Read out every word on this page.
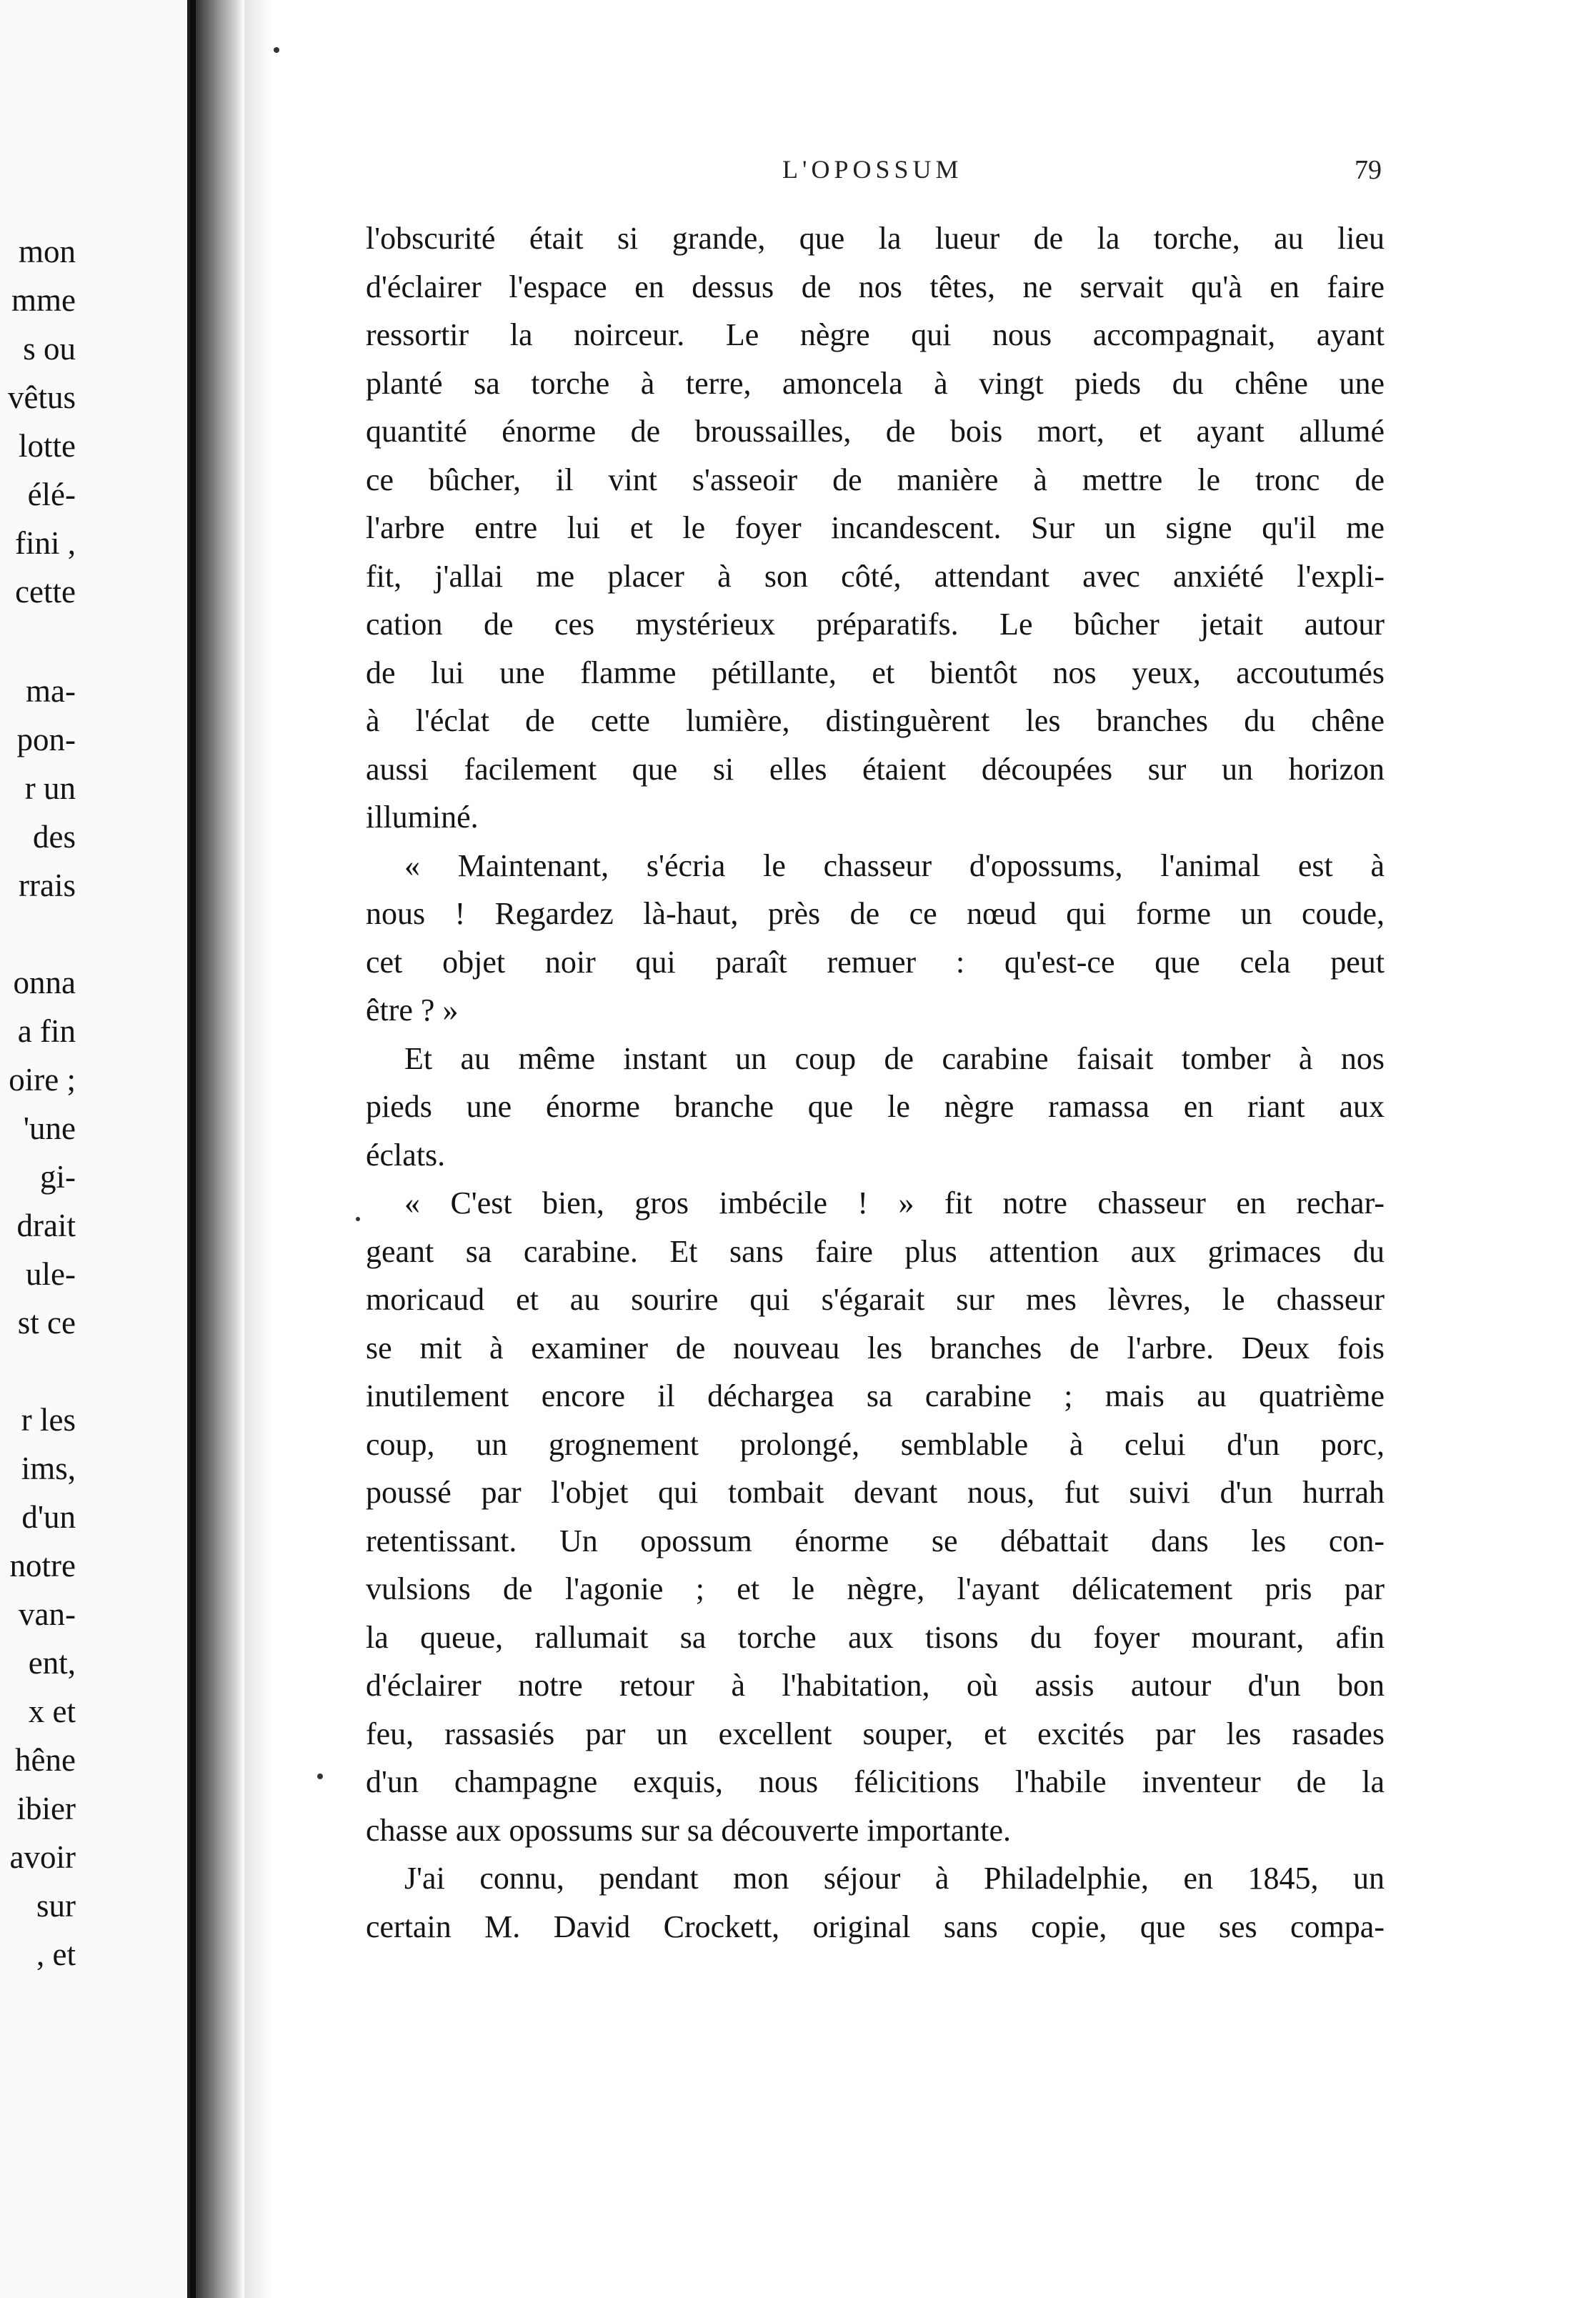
mon
mme
s ou
vêtus
lotte
élé-
fini ,
cette
ma-
pon-
r un
des
rrais
onna
a fin
oire ;
'une
gi-
drait
ule-
st ce
r les
ims,
d'un
notre
van-
ent,
x et
hêne
ibier
avoir
sur
, et
L'OPOSSUM	79
l'obscurité était si grande, que la lueur de la torche, au lieu
d'éclairer l'espace en dessus de nos têtes, ne servait qu'à en faire
ressortir la noirceur. Le nègre qui nous accompagnait, ayant
planté sa torche à terre, amoncela à vingt pieds du chêne une
quantité énorme de broussailles, de bois mort, et ayant allumé
ce bûcher, il vint s'asseoir de manière à mettre le tronc de
l'arbre entre lui et le foyer incandescent. Sur un signe qu'il me
fit, j'allai me placer à son côté, attendant avec anxiété l'expli-
cation de ces mystérieux préparatifs. Le bûcher jetait autour
de lui une flamme pétillante, et bientôt nos yeux, accoutumés
à l'éclat de cette lumière, distinguèrent les branches du chêne
aussi facilement que si elles étaient découpées sur un horizon
illuminé.
« Maintenant, s'écria le chasseur d'opossums, l'animal est à
nous ! Regardez là-haut, près de ce nœud qui forme un coude,
cet objet noir qui paraît remuer : qu'est-ce que cela peut
être ? »
Et au même instant un coup de carabine faisait tomber à nos
pieds une énorme branche que le nègre ramassa en riant aux
éclats.
« C'est bien, gros imbécile ! » fit notre chasseur en rechar-
geant sa carabine. Et sans faire plus attention aux grimaces du
moricaud et au sourire qui s'égarait sur mes lèvres, le chasseur
se mit à examiner de nouveau les branches de l'arbre. Deux fois
inutilement encore il déchargea sa carabine ; mais au quatrième
coup, un grognement prolongé, semblable à celui d'un porc,
poussé par l'objet qui tombait devant nous, fut suivi d'un hurrah
retentissant. Un opossum énorme se débattait dans les con-
vulsions de l'agonie ; et le nègre, l'ayant délicatement pris par
la queue, rallumait sa torche aux tisons du foyer mourant, afin
d'éclairer notre retour à l'habitation, où assis autour d'un bon
feu, rassasiés par un excellent souper, et excités par les rasades
d'un champagne exquis, nous félicitions l'habile inventeur de la
chasse aux opossums sur sa découverte importante.
J'ai connu, pendant mon séjour à Philadelphie, en 1845, un
certain M. David Crockett, original sans copie, que ses compa-
